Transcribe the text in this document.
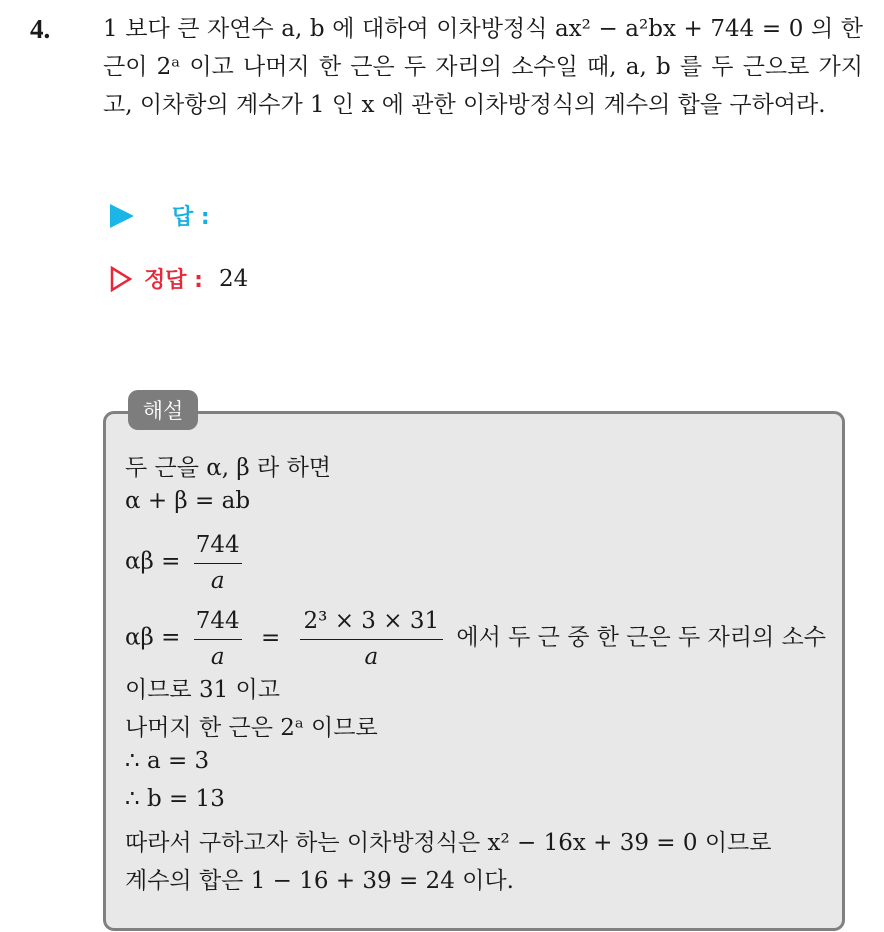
4. 1 보다 큰 자연수 a, b 에 대하여 이차방정식 ax² − a²bx + 744 = 0 의 한 근이 2ᵃ 이고 나머지 한 근은 두 자리의 소수일 때, a, b 를 두 근으로 가지고, 이차항의 계수가 1 인 x 에 관한 이차방정식의 계수의 합을 구하여라.
답 :
정답 : 24
해설
두 근을 α, β 라 하면
α + β = ab
$\alpha\beta = \frac{744}{a}$
$\alpha\beta = \frac{744}{a} = \frac{\text{2³ × 3 × 31}}{a}$ 에서 두 근 중 한 근은 두 자리의 소수
이므로 31 이고
나머지 한 근은 2ᵃ 이므로
∴ a = 3
∴ b = 13
따라서 구하고자 하는 이차방정식은 x² − 16x + 39 = 0 이므로
계수의 합은 1 − 16 + 39 = 24 이다.
